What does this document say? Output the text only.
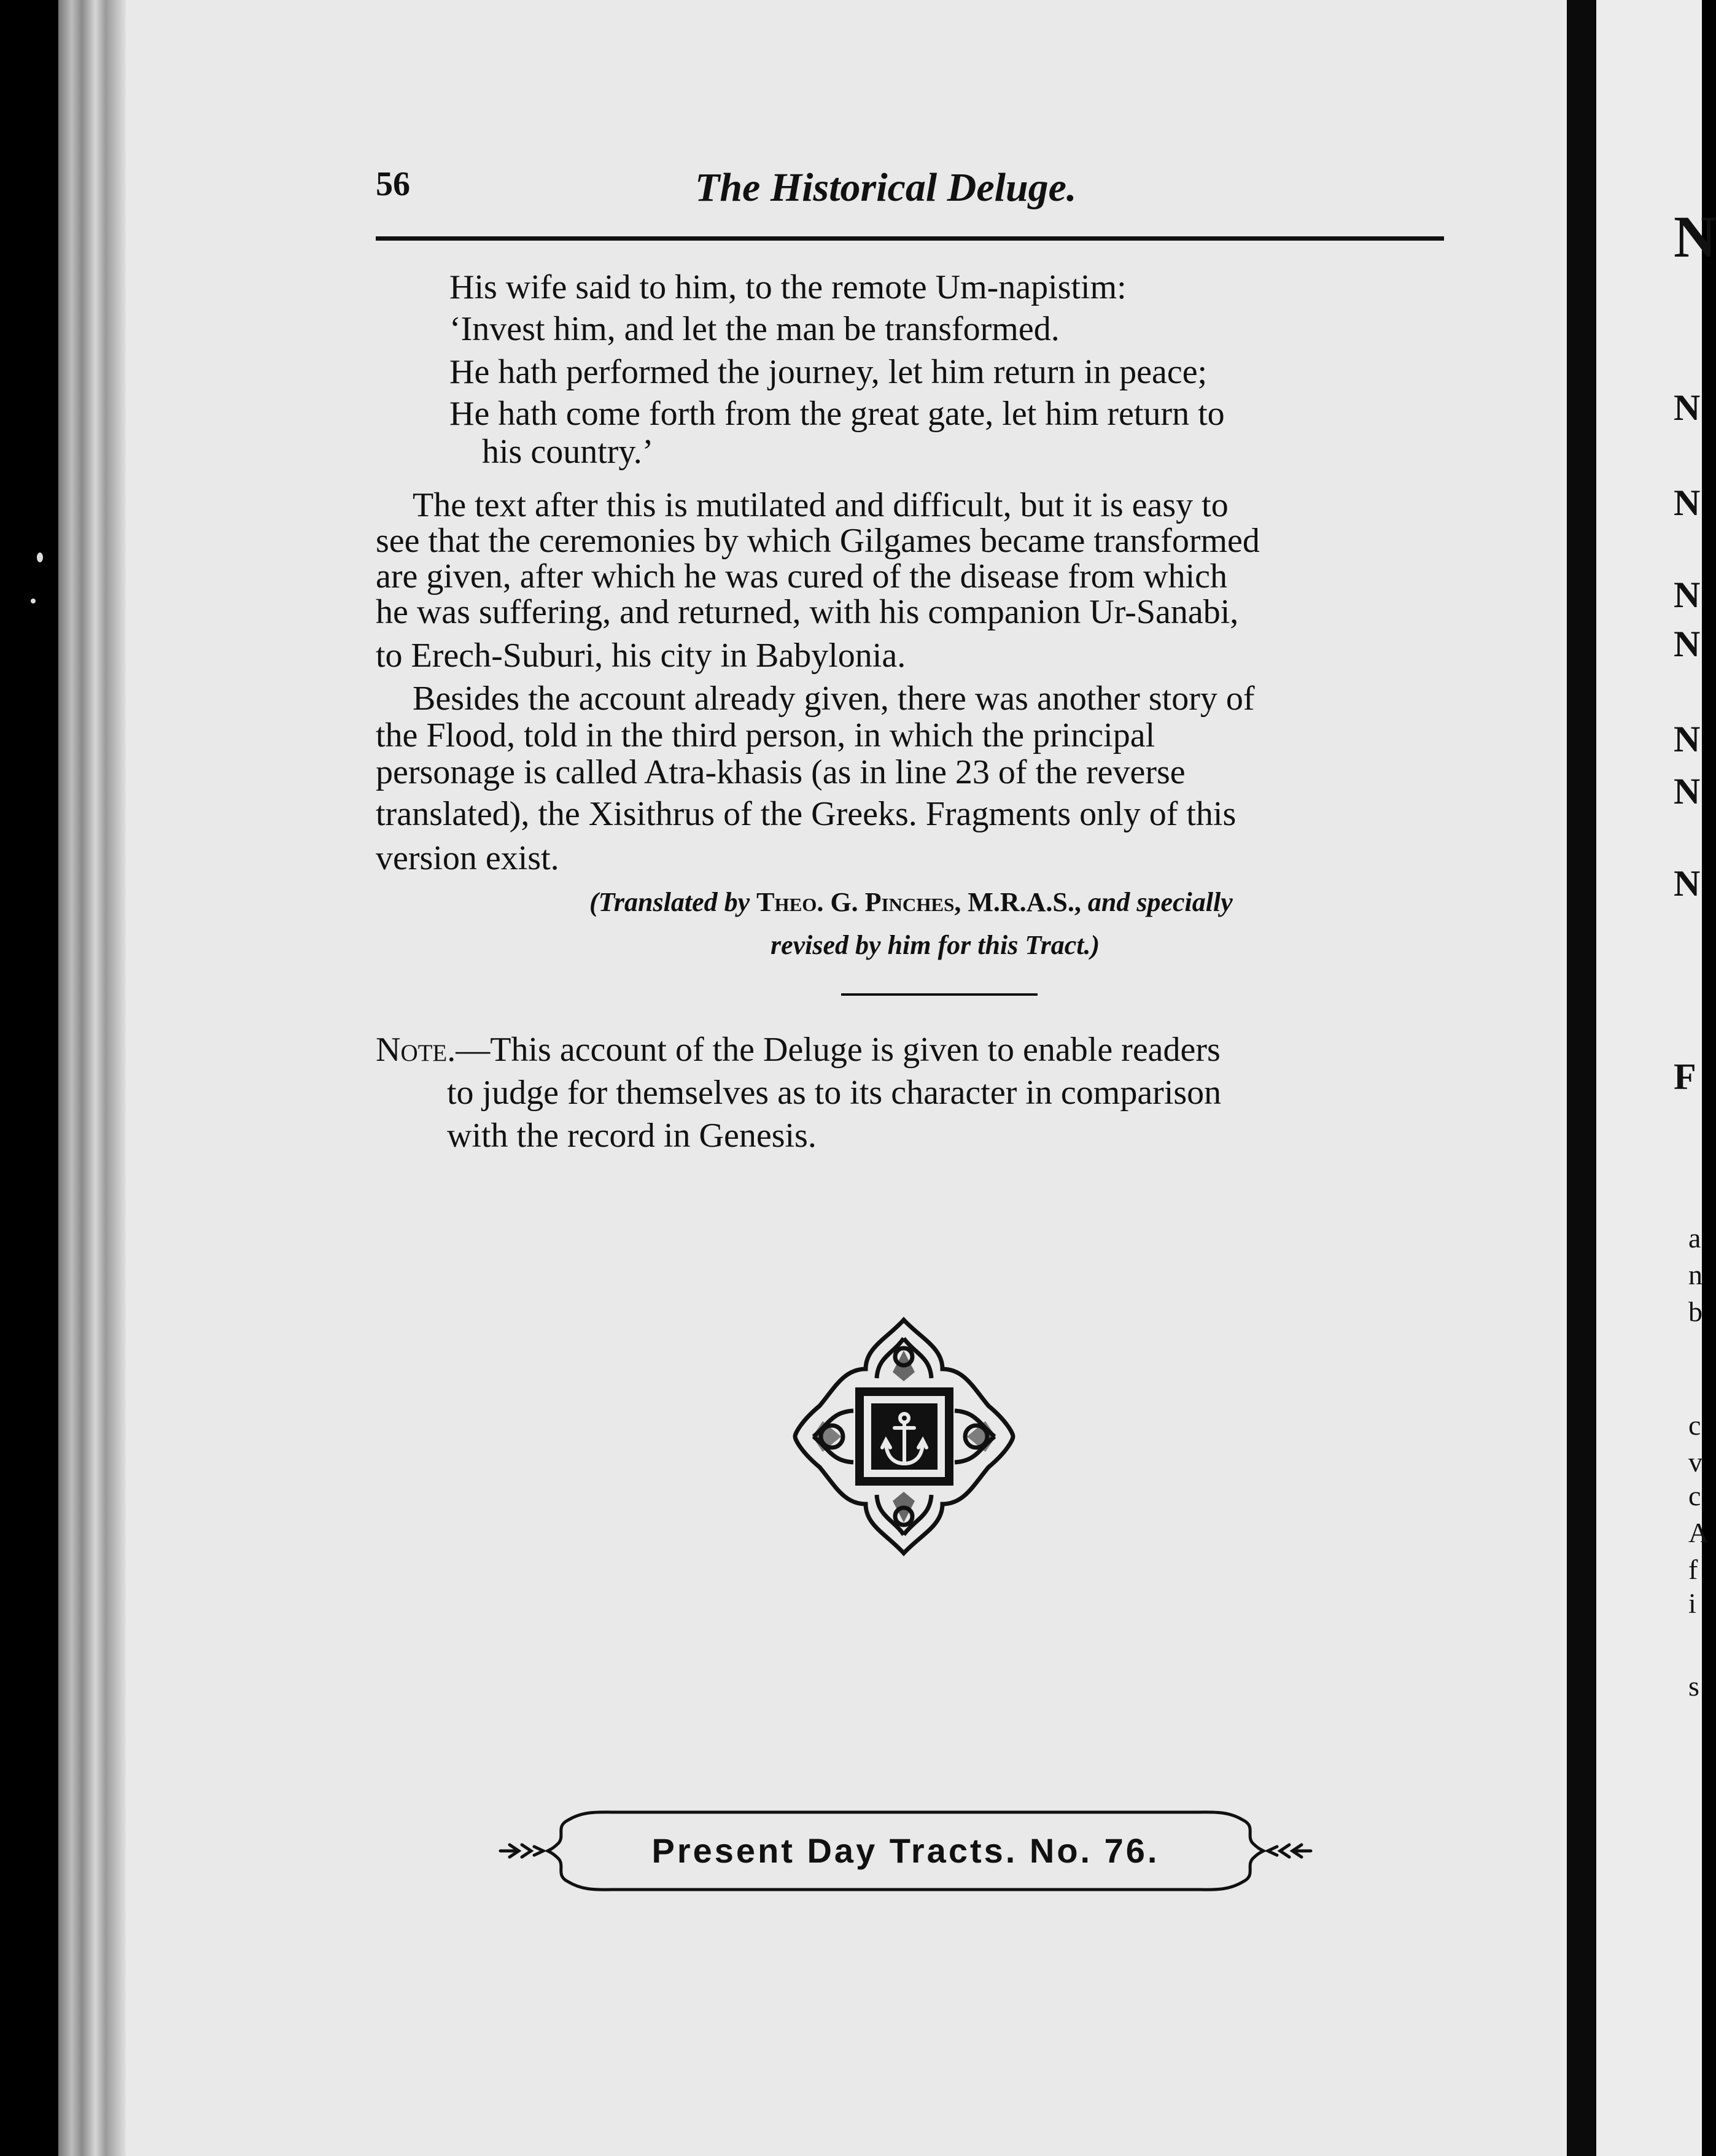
N
N
N
N
N
N
N
N
F
a
n
b
c
v
c
A
f
i
s
56	The Historical Deluge.
His wife said to him, to the remote Um-napistim:
‘Invest him, and let the man be transformed.
He hath performed the journey, let him return in peace;
He hath come forth from the great gate, let him return to
his country.’
The text after this is mutilated and difficult, but it is easy to
see that the ceremonies by which Gilgames became transformed
are given, after which he was cured of the disease from which
he was suffering, and returned, with his companion Ur-Sanabi,
to Erech-Suburi, his city in Babylonia.
Besides the account already given, there was another story of
the Flood, told in the third person, in which the principal
personage is called Atra-khasis (as in line 23 of the reverse
translated), the Xisithrus of the Greeks. Fragments only of this
version exist.
(Translated by Theo. G. Pinches, M.R.A.S., and specially
revised by him for this Tract.)
Note.—This account of the Deluge is given to enable readers
to judge for themselves as to its character in comparison
with the record in Genesis.
Present Day Tracts. No. 76.
